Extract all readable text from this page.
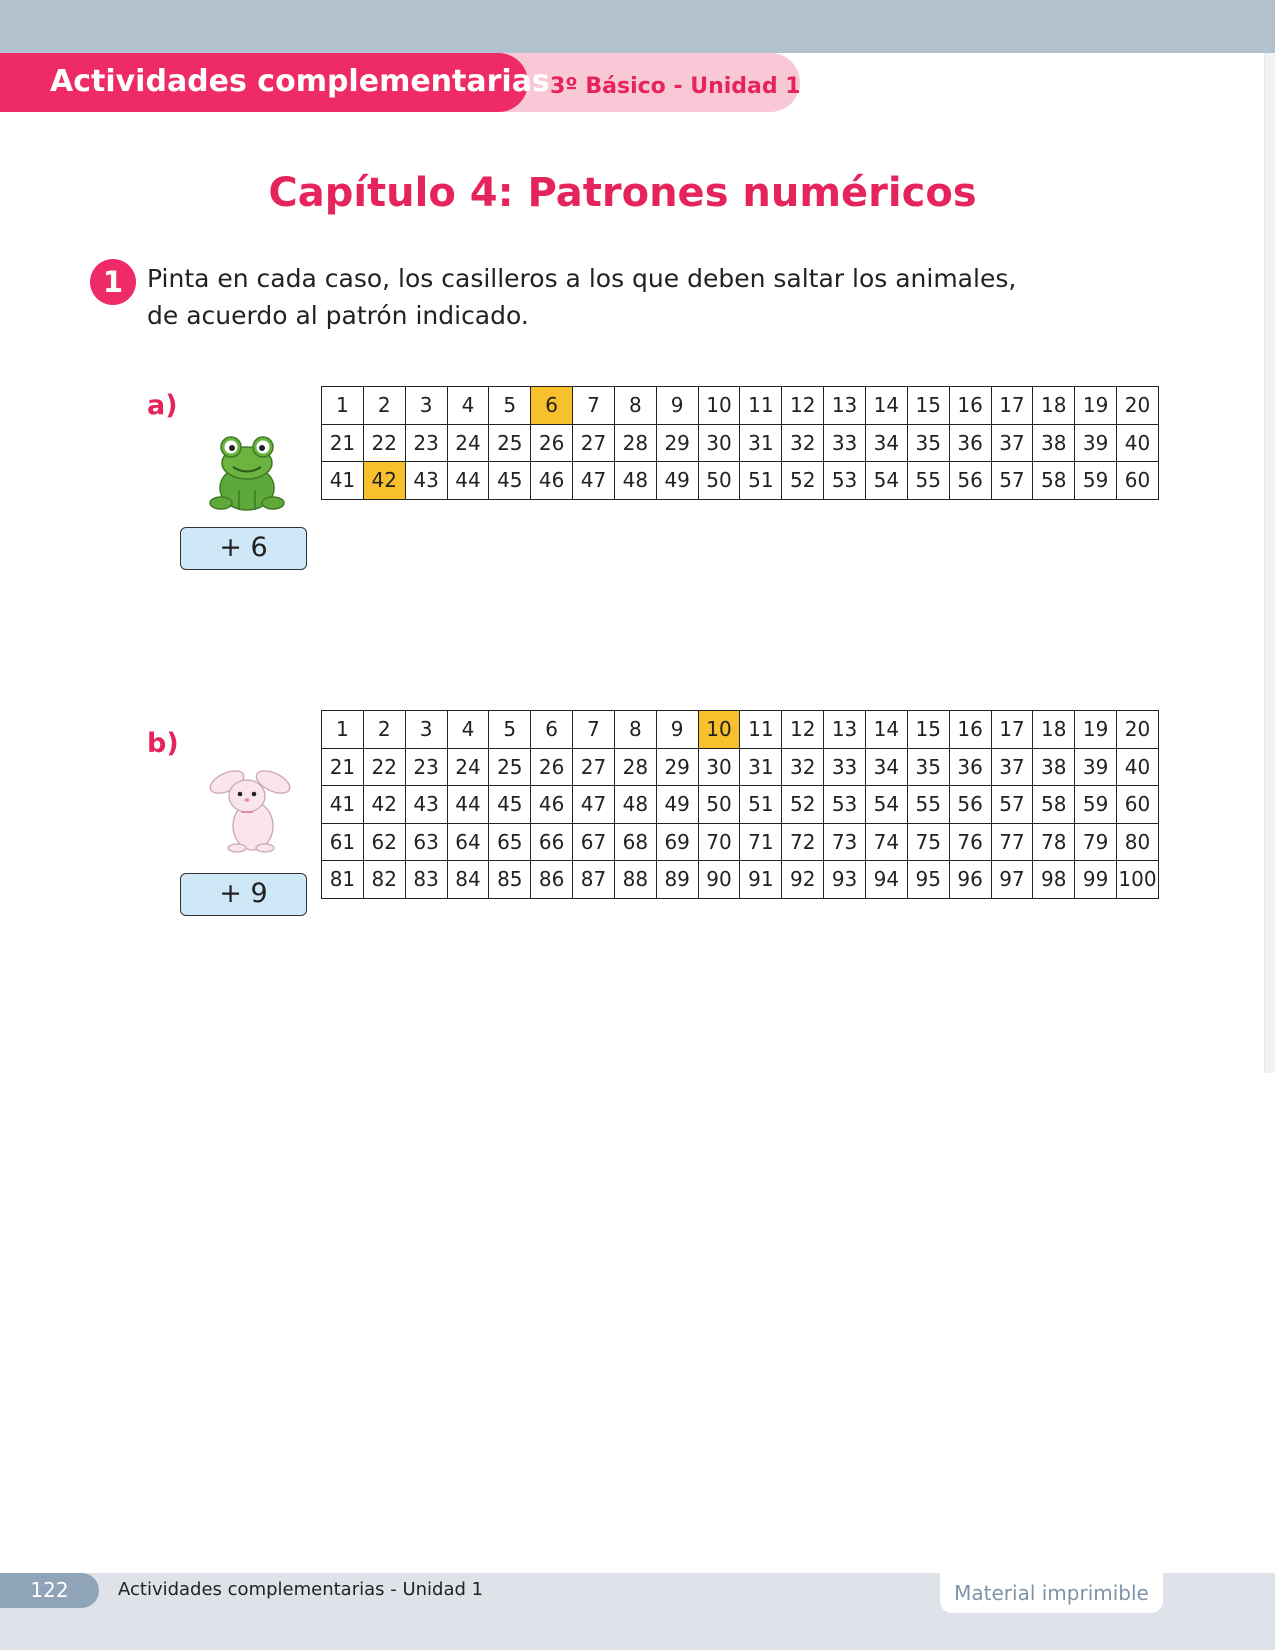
Actividades complementarias 3º Básico - Unidad 1
Capítulo 4: Patrones numéricos
1 Pinta en cada caso, los casilleros a los que deben saltar los animales, de acuerdo al patrón indicado.

a)
+ 6
1	2	3	4	5	6	7	8	9	10	11	12	13	14	15	16	17	18	19	20
21	22	23	24	25	26	27	28	29	30	31	32	33	34	35	36	37	38	39	40
41	42	43	44	45	46	47	48	49	50	51	52	53	54	55	56	57	58	59	60
b)
+ 9
1	2	3	4	5	6	7	8	9	10	11	12	13	14	15	16	17	18	19	20
21	22	23	24	25	26	27	28	29	30	31	32	33	34	35	36	37	38	39	40
41	42	43	44	45	46	47	48	49	50	51	52	53	54	55	56	57	58	59	60
61	62	63	64	65	66	67	68	69	70	71	72	73	74	75	76	77	78	79	80
81	82	83	84	85	86	87	88	89	90	91	92	93	94	95	96	97	98	99	100
122	Actividades complementarias - Unidad 1	Material imprimible
